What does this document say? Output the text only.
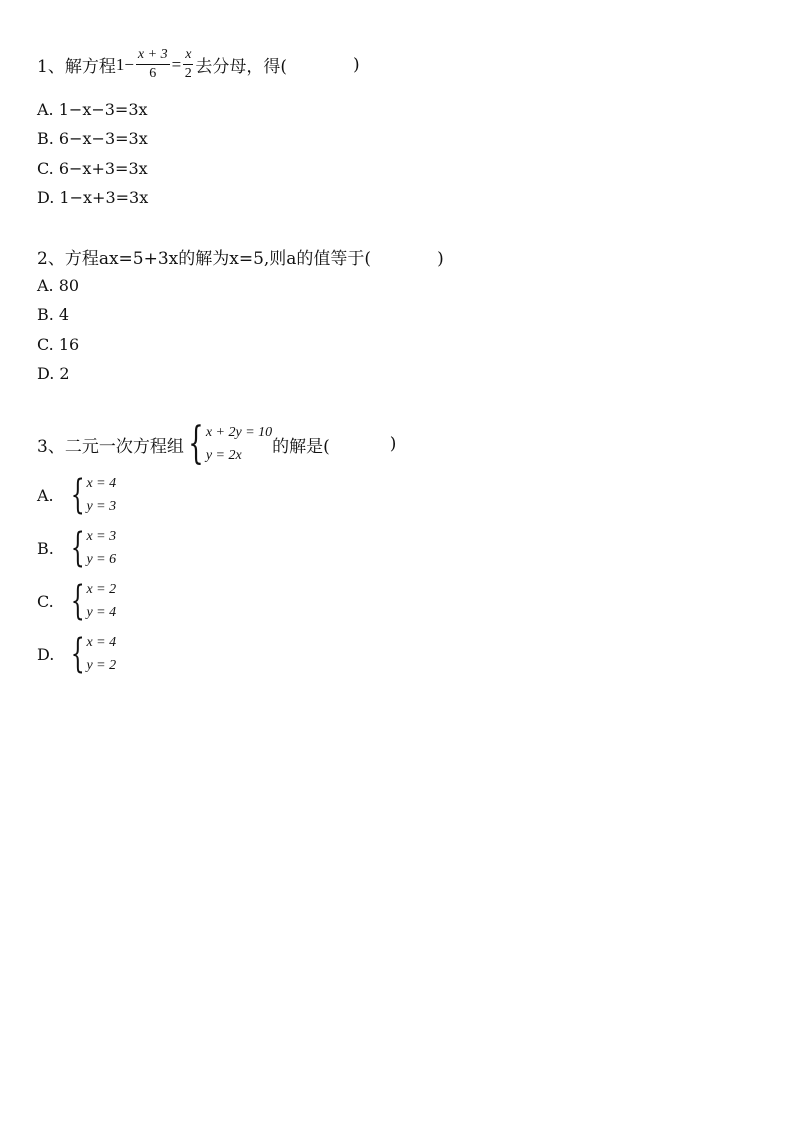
1、解方程 $1 - \frac{x + 3}{6} = \frac{x}{2}$ 去分母，得(	)
A. 1−x−3=3x
B. 6−x−3=3x
C. 6−x+3=3x
D. 1−x+3=3x
2、方程ax=5+3x的解为x=5,则a的值等于(	)
A. 80
B. 4
C. 16
D. 2
3、二元一次方程组 { x + 2y = 10
y = 2x	的解是(	)
A. { x = 4
y = 3
B. { x = 3
y = 6
C. { x = 2
y = 4
D. { x = 4
y = 2
